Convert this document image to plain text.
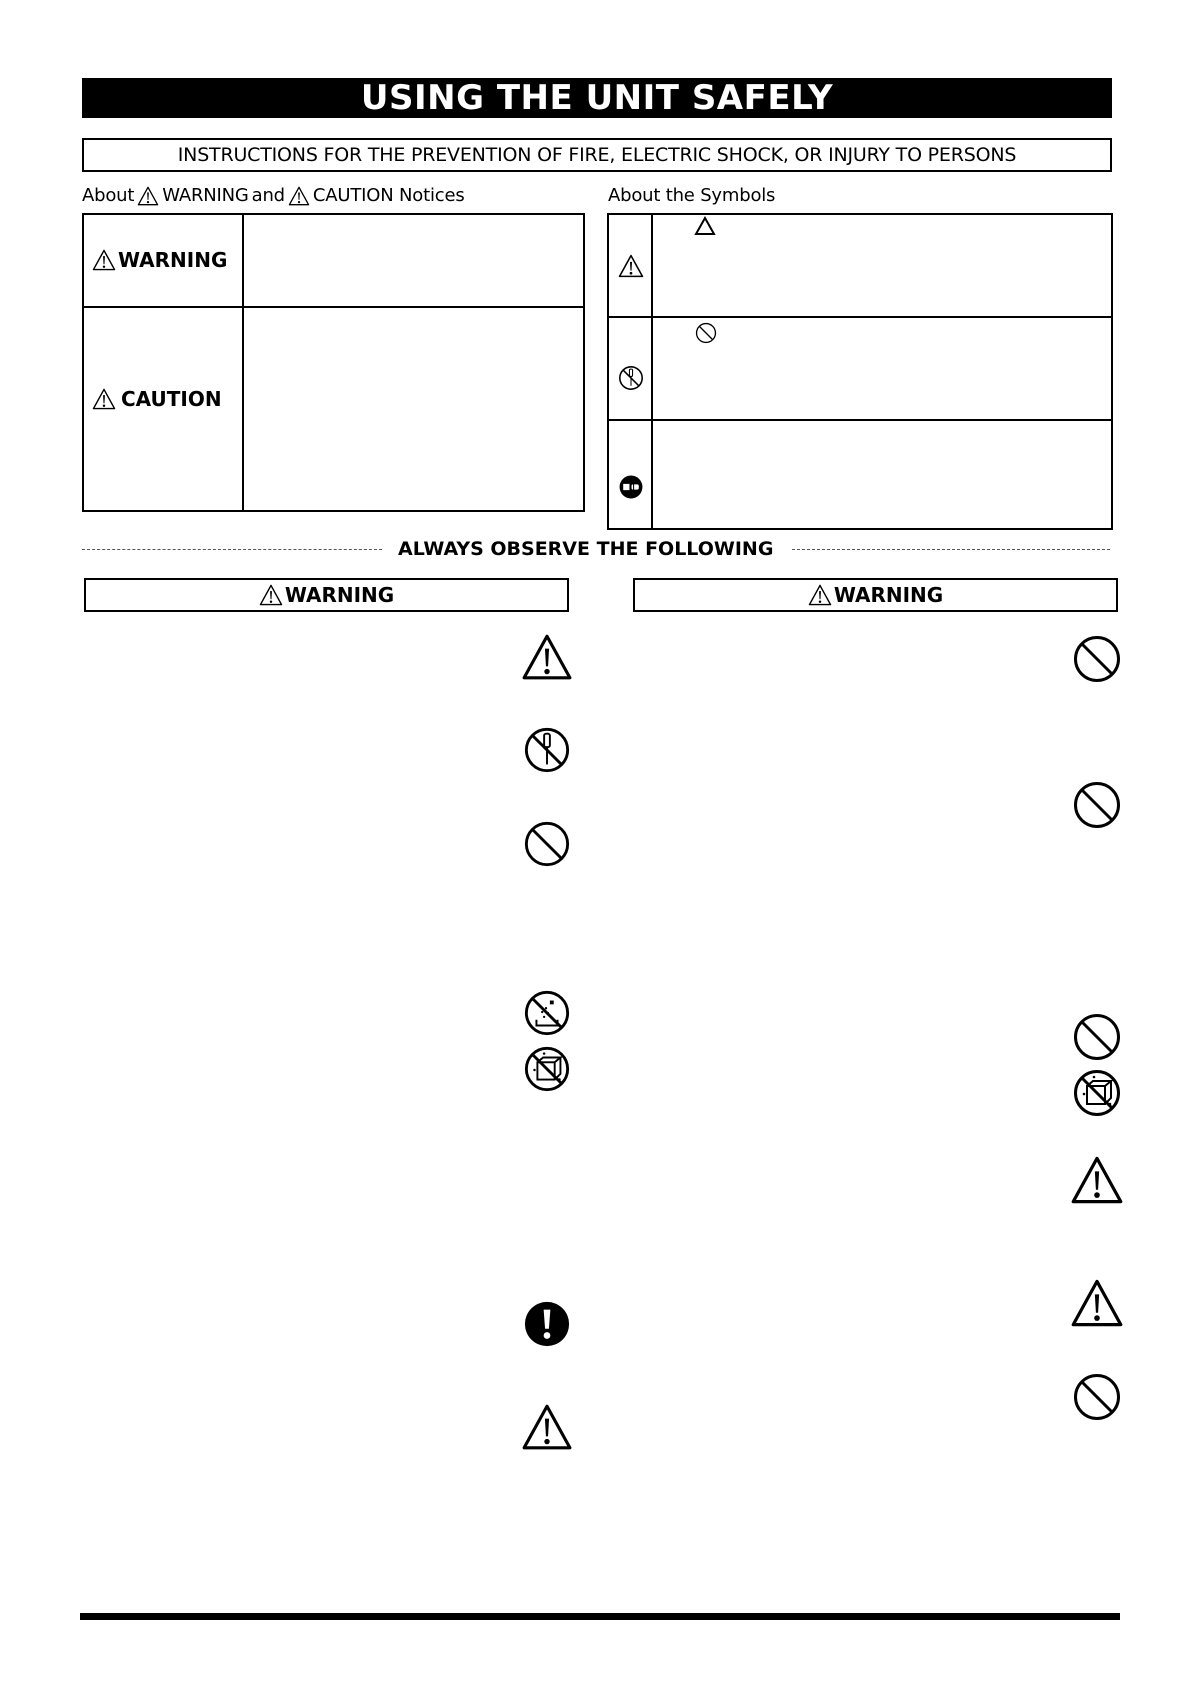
USING THE UNIT SAFELY
INSTRUCTIONS FOR THE PREVENTION OF FIRE, ELECTRIC SHOCK, OR INJURY TO PERSONS
About WARNING and CAUTION Notices
WARNING
CAUTION
About the Symbols
ALWAYS OBSERVE THE FOLLOWING
WARNING	WARNING
